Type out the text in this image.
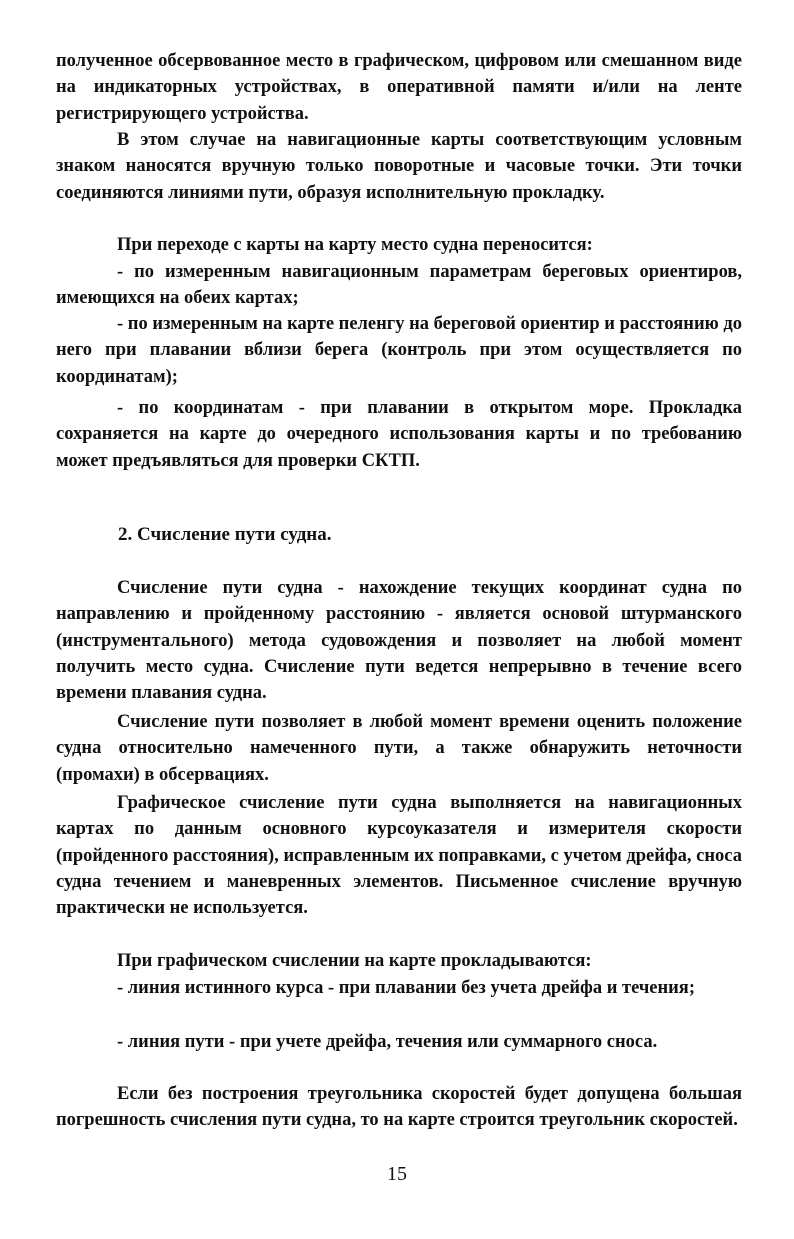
полученное обсервованное место в графическом, цифровом или смешанном виде на индикаторных устройствах, в оперативной памяти и/или на ленте регистрирующего устройства.

В этом случае на навигационные карты соответствующим условным знаком наносятся вручную только поворотные и часовые точки. Эти точки соединяются линиями пути, образуя исполнительную прокладку.

При переходе с карты на карту место судна переносится:

- по измеренным навигационным параметрам береговых ориентиров, имеющихся на обеих картах;

- по измеренным на карте пеленгу на береговой ориентир и расстоянию до него при плавании вблизи берега (контроль при этом осуществляется по координатам);

- по координатам - при плавании в открытом море. Прокладка сохраняется на карте до очередного использования карты и по требованию может предъявляться для проверки СКТП.

2. Счисление пути судна.

Счисление пути судна - нахождение текущих координат судна по направлению и пройденному расстоянию - является основой штурманского (инструментального) метода судовождения и позволяет на любой момент получить место судна. Счисление пути ведется непрерывно в течение всего времени плавания судна.

Счисление пути позволяет в любой момент времени оценить положение судна относительно намеченного пути, а также обнаружить неточности (промахи) в обсервациях.

Графическое счисление пути судна выполняется на навигационных картах по данным основного курсоуказателя и измерителя скорости (пройденного расстояния), исправленным их поправками, с учетом дрейфа, сноса судна течением и маневренных элементов. Письменное счисление вручную практически не используется.

При графическом счислении на карте прокладываются:

- линия истинного курса - при плавании без учета дрейфа и течения;

- линия пути - при учете дрейфа, течения или суммарного сноса.

Если без построения треугольника скоростей будет допущена большая погрешность счисления пути судна, то на карте строится треугольник скоростей.

15
